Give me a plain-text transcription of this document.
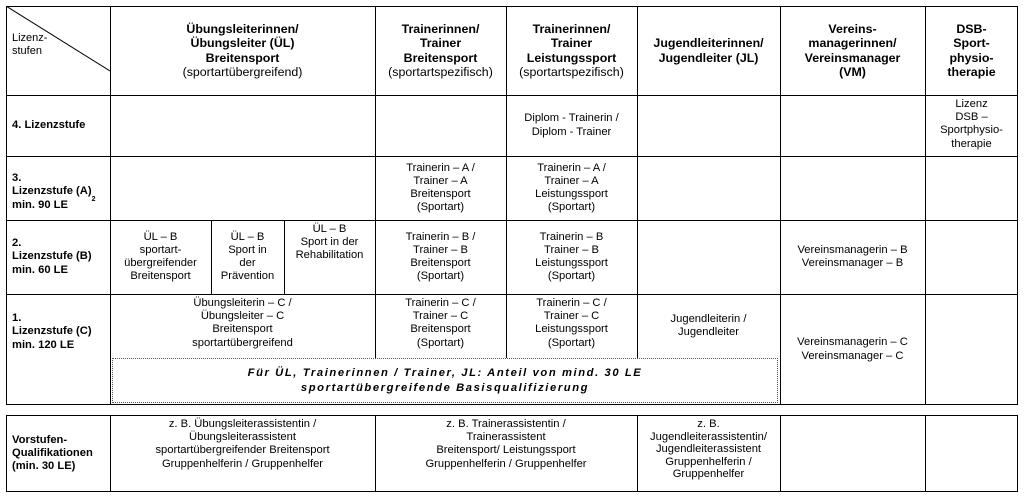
Lizenz-
stufen
Übungsleiterinnen/
Übungsleiter (ÜL)
Breitensport
(sportartübergreifend)
Trainerinnen/
Trainer
Breitensport
(sportartspezifisch)
Trainerinnen/
Trainer
Leistungssport
(sportartspezifisch)
Jugendleiterinnen/
Jugendleiter (JL)
Vereins-
managerinnen/
Vereinsmanager
(VM)
DSB-
Sport-
physio-
therapie
4. Lizenzstufe
Diplom - Trainerin /
Diplom - Trainer
Lizenz
DSB –
Sportphysio-
therapie
3.
Lizenzstufe (A)
min. 90 LE	$_2$
Trainerin – A /
Trainer – A
Breitensport
(Sportart)
Trainerin – A /
Trainer – A
Leistungssport
(Sportart)
2.
Lizenzstufe (B)
min. 60 LE
ÜL – B
sportart-
übergreifender
Breitensport
ÜL – B
Sport in
der
Prävention
ÜL – B
Sport in der
Rehabilitation
Trainerin – B /
Trainer – B
Breitensport
(Sportart)
Trainerin – B
Trainer – B
Leistungssport
(Sportart)
Vereinsmanagerin – B
Vereinsmanager – B
1.
Lizenzstufe (C)
min. 120 LE
Übungsleiterin – C /
Übungsleiter – C
Breitensport
sportartübergreifend
Trainerin – C /
Trainer – C
Breitensport
(Sportart)
Trainerin – C /
Trainer – C
Leistungssport
(Sportart)
Jugendleiterin /
Jugendleiter
Vereinsmanagerin – C
Vereinsmanager – C
Für ÜL, Trainerinnen / Trainer, JL: Anteil von mind. 30 LE
sportartübergreifende Basisqualifizierung
Vorstufen-
Qualifikationen
(min. 30 LE)
z. B. Übungsleiterassistentin /
Übungsleiterassistent
sportartübergreifender Breitensport
Gruppenhelferin / Gruppenhelfer
z. B. Trainerassistentin /
Trainerassistent
Breitensport/ Leistungssport
Gruppenhelferin / Gruppenhelfer
z. B.
Jugendleiterassistentin/
Jugendleiterassistent
Gruppenhelferin /
Gruppenhelfer
